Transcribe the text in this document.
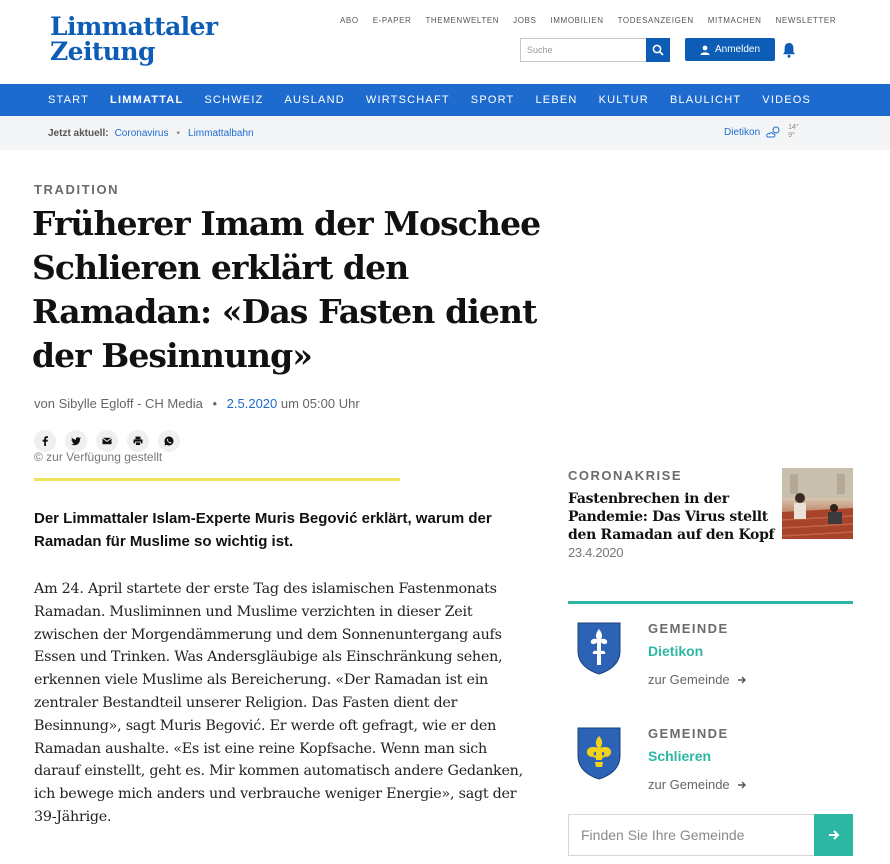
Limmattaler
Zeitung
ABO E-PAPER THEMENWELTEN JOBS IMMOBILIEN TODESANZEIGEN MITMACHEN NEWSLETTER
Suche
Anmelden
START LIMMATTAL SCHWEIZ AUSLAND WIRTSCHAFT SPORT LEBEN KULTUR BLAULICHT VIDEOS
Jetzt aktuell: Coronavirus • Limmattalbahn	Dietikon	14°
9°
TRADITION
Früherer Imam der Moschee Schlieren erklärt den Ramadan: «Das Fasten dient der Besinnung»
von Sibylle Egloff - CH Media • 2.5.2020 um 05:00 Uhr
© zur Verfügung gestellt

Der Limmattaler Islam-Experte Muris Begović erklärt, warum der Ramadan für Muslime so wichtig ist.

Am 24. April startete der erste Tag des islamischen Fastenmonats Ramadan. Musliminnen und Muslime verzichten in dieser Zeit zwischen der Morgendämmerung und dem Sonnenuntergang aufs Essen und Trinken. Was Andersgläubige als Einschränkung sehen, erkennen viele Muslime als Bereicherung. «Der Ramadan ist ein zentraler Bestandteil unserer Religion. Das Fasten dient der Besinnung», sagt Muris Begović. Er werde oft gefragt, wie er den Ramadan aushalte. «Es ist eine reine Kopfsache. Wenn man sich darauf einstellt, geht es. Mir kommen automatisch andere Gedanken, ich bewege mich anders und verbrauche weniger Energie», sagt der 39-Jährige.

CORONAKRISE
Fastenbrechen in der Pandemie: Das Virus stellt den Ramadan auf den Kopf 23.4.2020
GEMEINDE
Dietikon
zur Gemeinde
GEMEINDE
Schlieren
zur Gemeinde
Finden Sie Ihre Gemeinde
